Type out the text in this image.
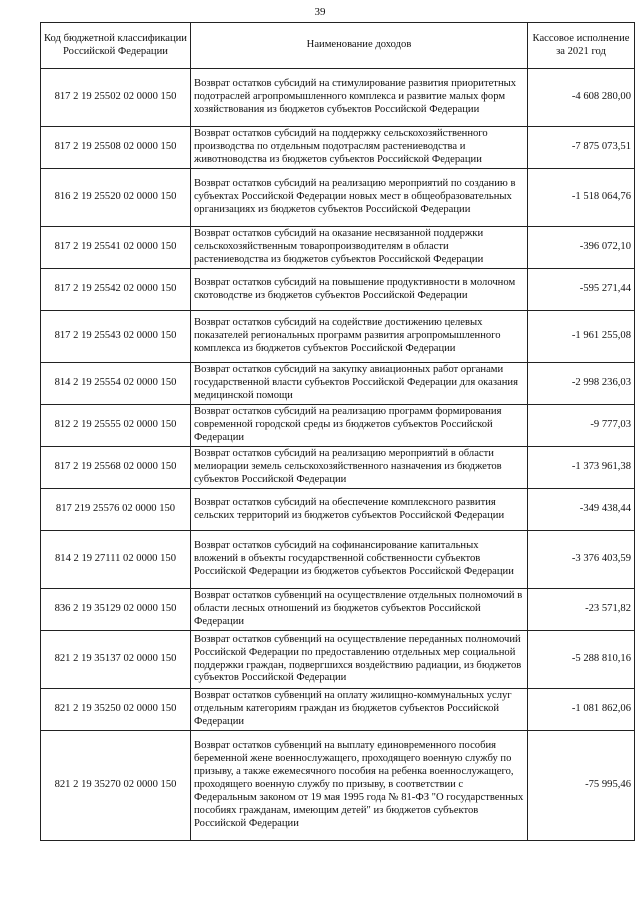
39
Код бюджетной классификации Российской Федерации	Наименование доходов	Кассовое исполнение за 2021 год
817 2 19 25502 02 0000 150	Возврат остатков субсидий на стимулирование развития приоритетных подотраслей агропромышленного комплекса и развитие малых форм хозяйствования из бюджетов субъектов Российской Федерации	-4 608 280,00
817 2 19 25508 02 0000 150	Возврат остатков субсидий на поддержку сельскохозяйственного производства по отдельным подотраслям растениеводства и животноводства из бюджетов субъектов Российской Федерации	-7 875 073,51
816 2 19 25520 02 0000 150	Возврат остатков субсидий на реализацию мероприятий по созданию в субъектах Российской Федерации новых мест в общеобразовательных организациях из бюджетов субъектов Российской Федерации	-1 518 064,76
817 2 19 25541 02 0000 150	Возврат остатков субсидий на оказание несвязанной поддержки сельскохозяйственным товаропроизводителям в области растениеводства из бюджетов субъектов Российской Федерации	-396 072,10
817 2 19 25542 02 0000 150	Возврат остатков субсидий на повышение продуктивности в молочном скотоводстве из бюджетов субъектов Российской Федерации	-595 271,44
817 2 19 25543 02 0000 150	Возврат остатков субсидий на содействие достижению целевых показателей региональных программ развития агропромышленного комплекса из бюджетов субъектов Российской Федерации	-1 961 255,08
814 2 19 25554 02 0000 150	Возврат остатков субсидий на закупку авиационных работ органами государственной власти субъектов Российской Федерации для оказания медицинской помощи	-2 998 236,03
812 2 19 25555 02 0000 150	Возврат остатков субсидий на реализацию программ формирования современной городской среды из бюджетов субъектов Российской Федерации	-9 777,03
817 2 19 25568 02 0000 150	Возврат остатков субсидий на реализацию мероприятий в области мелиорации земель сельскохозяйственного назначения из бюджетов субъектов Российской Федерации	-1 373 961,38
817 219 25576 02 0000 150	Возврат остатков субсидий на обеспечение комплексного развития сельских территорий из бюджетов субъектов Российской Федерации	-349 438,44
814 2 19 27111 02 0000 150	Возврат остатков субсидий на софинансирование капитальных вложений в объекты государственной собственности субъектов Российской Федерации из бюджетов субъектов Российской Федерации	-3 376 403,59
836 2 19 35129 02 0000 150	Возврат остатков субвенций на осуществление отдельных полномочий в области лесных отношений из бюджетов субъектов Российской Федерации	-23 571,82
821 2 19 35137 02 0000 150	Возврат остатков субвенций на осуществление переданных полномочий Российской Федерации по предоставлению отдельных мер социальной поддержки граждан, подвергшихся воздействию радиации, из бюджетов субъектов Российской Федерации	-5 288 810,16
821 2 19 35250 02 0000 150	Возврат остатков субвенций на оплату жилищно-коммунальных услуг отдельным категориям граждан из бюджетов субъектов Российской Федерации	-1 081 862,06
821 2 19 35270 02 0000 150	Возврат остатков субвенций на выплату единовременного пособия беременной жене военнослужащего, проходящего военную службу по призыву, а также ежемесячного пособия на ребенка военнослужащего, проходящего военную службу по призыву, в соответствии с Федеральным законом от 19 мая 1995 года № 81-ФЗ "О государственных пособиях гражданам, имеющим детей" из бюджетов субъектов Российской Федерации	-75 995,46
